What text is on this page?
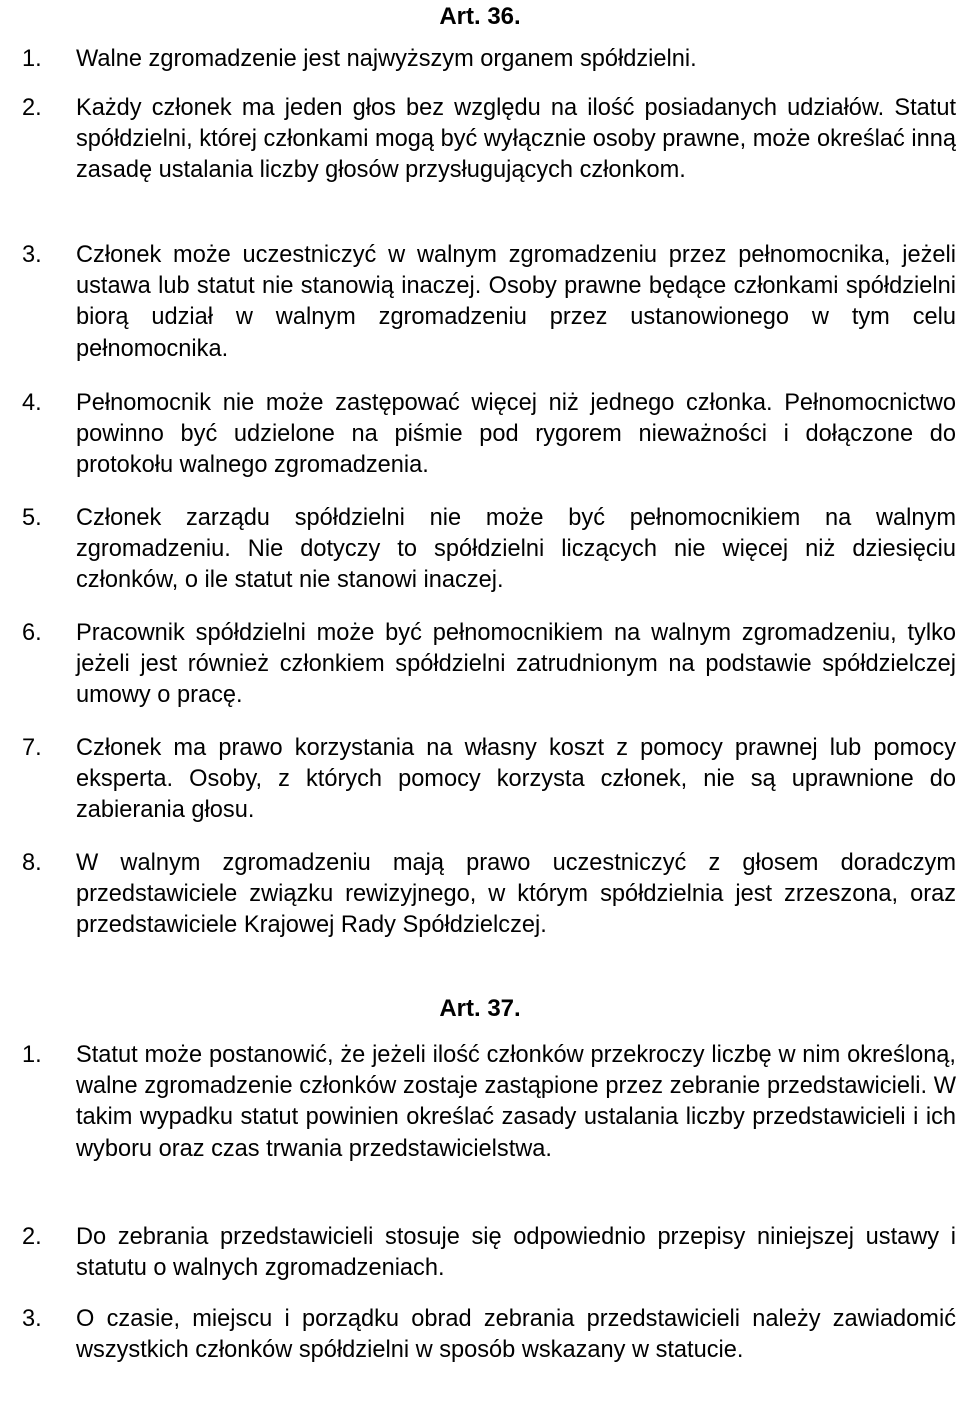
Art. 36.
1.	Walne zgromadzenie jest najwyższym organem spółdzielni.
2.	Każdy członek ma jeden głos bez względu na ilość posiadanych udziałów. Statut spółdzielni, której członkami mogą być wyłącznie osoby prawne, może określać inną zasadę ustalania liczby głosów przysługujących członkom.
3.	Członek może uczestniczyć w walnym zgromadzeniu przez pełnomocnika, jeżeli ustawa lub statut nie stanowią inaczej. Osoby prawne będące członkami spółdzielni biorą udział w walnym zgromadzeniu przez ustanowionego w tym celu pełnomocnika.
4.	Pełnomocnik nie może zastępować więcej niż jednego członka. Pełnomocnictwo powinno być udzielone na piśmie pod rygorem nieważności i dołączone do protokołu walnego zgromadzenia.
5.	Członek zarządu spółdzielni nie może być pełnomocnikiem na walnym zgromadzeniu. Nie dotyczy to spółdzielni liczących nie więcej niż dziesięciu członków, o ile statut nie stanowi inaczej.
6.	Pracownik spółdzielni może być pełnomocnikiem na walnym zgromadzeniu, tylko jeżeli jest również członkiem spółdzielni zatrudnionym na podstawie spółdzielczej umowy o pracę.
7.	Członek ma prawo korzystania na własny koszt z pomocy prawnej lub pomocy eksperta. Osoby, z których pomocy korzysta członek, nie są uprawnione do zabierania głosu.
8.	W walnym zgromadzeniu mają prawo uczestniczyć z głosem doradczym przedstawiciele związku rewizyjnego, w którym spółdzielnia jest zrzeszona, oraz przedstawiciele Krajowej Rady Spółdzielczej.
Art. 37.
1.	Statut może postanowić, że jeżeli ilość członków przekroczy liczbę w nim określoną, walne zgromadzenie członków zostaje zastąpione przez zebranie przedstawicieli. W takim wypadku statut powinien określać zasady ustalania liczby przedstawicieli i ich wyboru oraz czas trwania przedstawicielstwa.
2.	Do zebrania przedstawicieli stosuje się odpowiednio przepisy niniejszej ustawy i statutu o walnych zgromadzeniach.
3.	O czasie, miejscu i porządku obrad zebrania przedstawicieli należy zawiadomić wszystkich członków spółdzielni w sposób wskazany w statucie.
